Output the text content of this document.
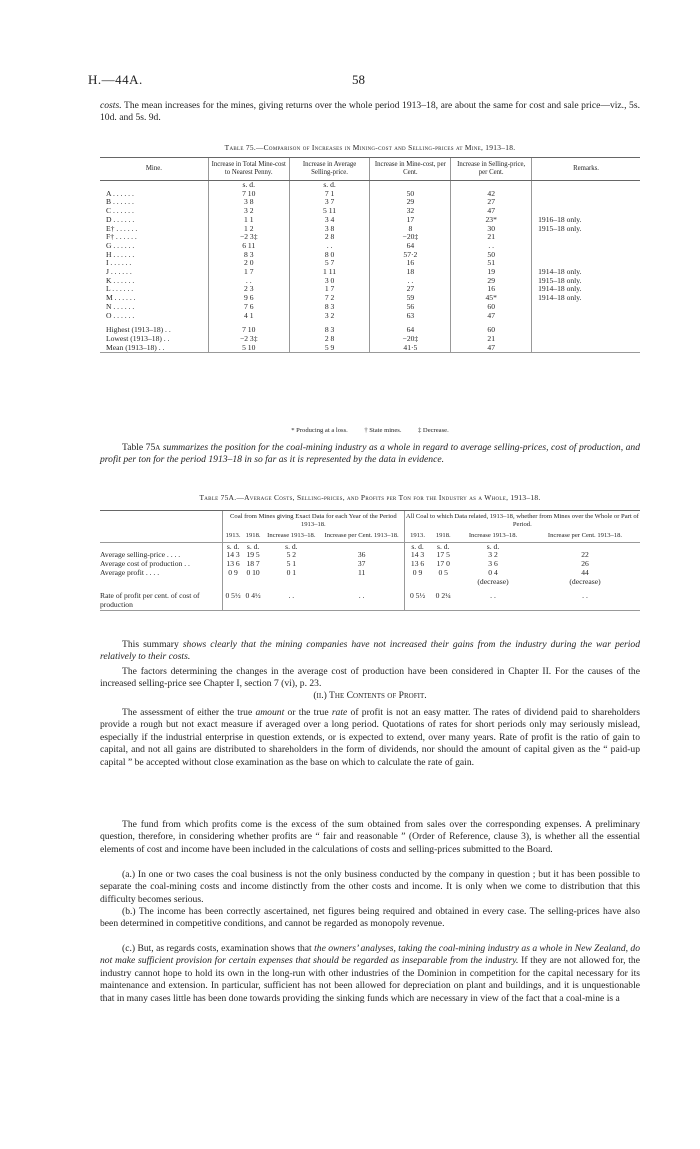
H.—44A.	58
costs. The mean increases for the mines, giving returns over the whole period 1913–18, are about the same for cost and sale price—viz., 5s. 10d. and 5s. 9d.
Table 75.—Comparison of Increases in Mining-cost and Selling-prices at Mine, 1913–18.
Mine.	Increase in Total Mine-cost to Nearest Penny.	Increase in Average Selling-price.	Increase in Mine-cost, per Cent.	Increase in Selling-price, per Cent.	Remarks.
	s. d.	s. d.			
A . . . . . .	7 10	7 1	50	42	
B . . . . . .	3 8	3 7	29	27	
C . . . . . .	3 2	5 11	32	47	
D . . . . . .	1 1	3 4	17	23*	1916–18 only.
E† . . . . . .	1 2	3 8	8	30	1915–18 only.
F† . . . . . .	−2 3‡	2 8	−20‡	21	
G . . . . . .	6 11	. .	64	. .	
H . . . . . .	8 3	8 0	57·2	50	
I . . . . . .	2 0	5 7	16	51	
J . . . . . .	1 7	1 11	18	19	1914–18 only.
K . . . . . .	. .	3 0	. .	29	1915–18 only.
L . . . . . .	2 3	1 7	27	16	1914–18 only.
M . . . . . .	9 6	7 2	59	45*	1914–18 only.
N . . . . . .	7 6	8 3	56	60	
O . . . . . .	4 1	3 2	63	47	

Highest (1913–18) . .	7 10	8 3	64	60	
Lowest (1913–18) . .	−2 3‡	2 8	−20‡	21	
Mean (1913–18) . .	5 10	5 9	41·5	47	
* Producing at a loss. † State mines. ‡ Decrease.
Table 75a summarizes the position for the coal-mining industry as a whole in regard to average selling-prices, cost of production, and profit per ton for the period 1913–18 in so far as it is represented by the data in evidence.
Table 75A.—Average Costs, Selling-prices, and Profits per Ton for the Industry as a Whole, 1913–18.
	Coal from Mines giving Exact Data for each Year of the Period 1913–18.				All Coal to which Data related, 1913–18, whether from Mines over the Whole or Part of Period.			
	1913.	1918.	Increase 1913–18.	Increase per Cent. 1913–18.	1913.	1918.	Increase 1913–18.	Increase per Cent. 1913–18.
	s. d.	s. d.	s. d.		s. d.	s. d.	s. d.	
Average selling-price . . . .	14 3	19 5	5 2	36	14 3	17 5	3 2	22
Average cost of production . .	13 6	18 7	5 1	37	13 6	17 0	3 6	26
Average profit . . . .	0 9	0 10	0 1	11	0 9	0 5	0 4	44
							(decrease)	(decrease)
Rate of profit per cent. of cost of production	0 5½	0 4½	. .	. .	0 5½	0 2¼	. .	. .
This summary shows clearly that the mining companies have not increased their gains from the industry during the war period relatively to their costs.
The factors determining the changes in the average cost of production have been considered in Chapter II. For the causes of the increased selling-price see Chapter I, section 7 (vi), p. 23.
(ii.) The Contents of Profit.
The assessment of either the true amount or the true rate of profit is not an easy matter. The rates of dividend paid to shareholders provide a rough but not exact measure if averaged over a long period. Quotations of rates for short periods only may seriously mislead, especially if the industrial enterprise in question extends, or is expected to extend, over many years. Rate of profit is the ratio of gain to capital, and not all gains are distributed to shareholders in the form of dividends, nor should the amount of capital given as the “ paid-up capital ” be accepted without close examination as the base on which to calculate the rate of gain.
The fund from which profits come is the excess of the sum obtained from sales over the corresponding expenses. A preliminary question, therefore, in considering whether profits are “ fair and reasonable ” (Order of Reference, clause 3), is whether all the essential elements of cost and income have been included in the calculations of costs and selling-prices submitted to the Board.
(a.) In one or two cases the coal business is not the only business conducted by the company in question ; but it has been possible to separate the coal-mining costs and income distinctly from the other costs and income. It is only when we come to distribution that this difficulty becomes serious.
(b.) The income has been correctly ascertained, net figures being required and obtained in every case. The selling-prices have also been determined in competitive conditions, and cannot be regarded as monopoly revenue.
(c.) But, as regards costs, examination shows that the owners’ analyses, taking the coal-mining industry as a whole in New Zealand, do not make sufficient provision for certain expenses that should be regarded as inseparable from the industry. If they are not allowed for, the industry cannot hope to hold its own in the long-run with other industries of the Dominion in competition for the capital necessary for its maintenance and extension. In particular, sufficient has not been allowed for depreciation on plant and buildings, and it is unquestionable that in many cases little has been done towards providing the sinking funds which are necessary in view of the fact that a coal-mine is a
